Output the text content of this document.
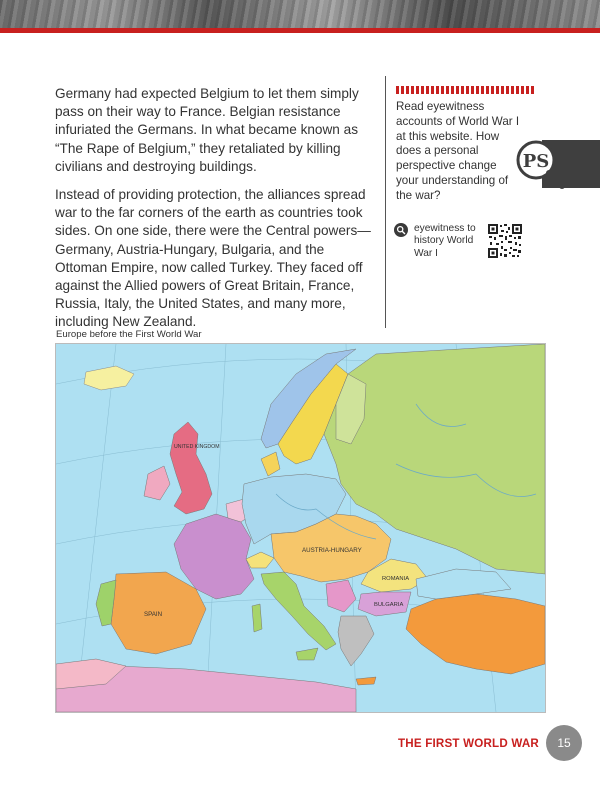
Germany had expected Belgium to let them simply pass on their way to France. Belgian resistance infuriated the Germans. In what became known as “The Rape of Belgium,” they retaliated by killing civilians and destroying buildings.

Instead of providing protection, the alliances spread war to the far corners of the earth as countries took sides. On one side, there were the Central powers—Germany, Austria-Hungary, Bulgaria, and the Ottoman Empire, now called Turkey. They faced off against the Allied powers of Great Britain, France, Russia, Italy, the United States, and many more, including New Zealand.

Read eyewitness accounts of World War I at this website. How does a personal perspective change your understanding of the war?
PS
eyewitness to history World War I
Europe before the First World War
UNITED KINGDOM
AUSTRIA-HUNGARY
ROMANIA
BULGARIA
SPAIN
THE FIRST WORLD WAR	15
